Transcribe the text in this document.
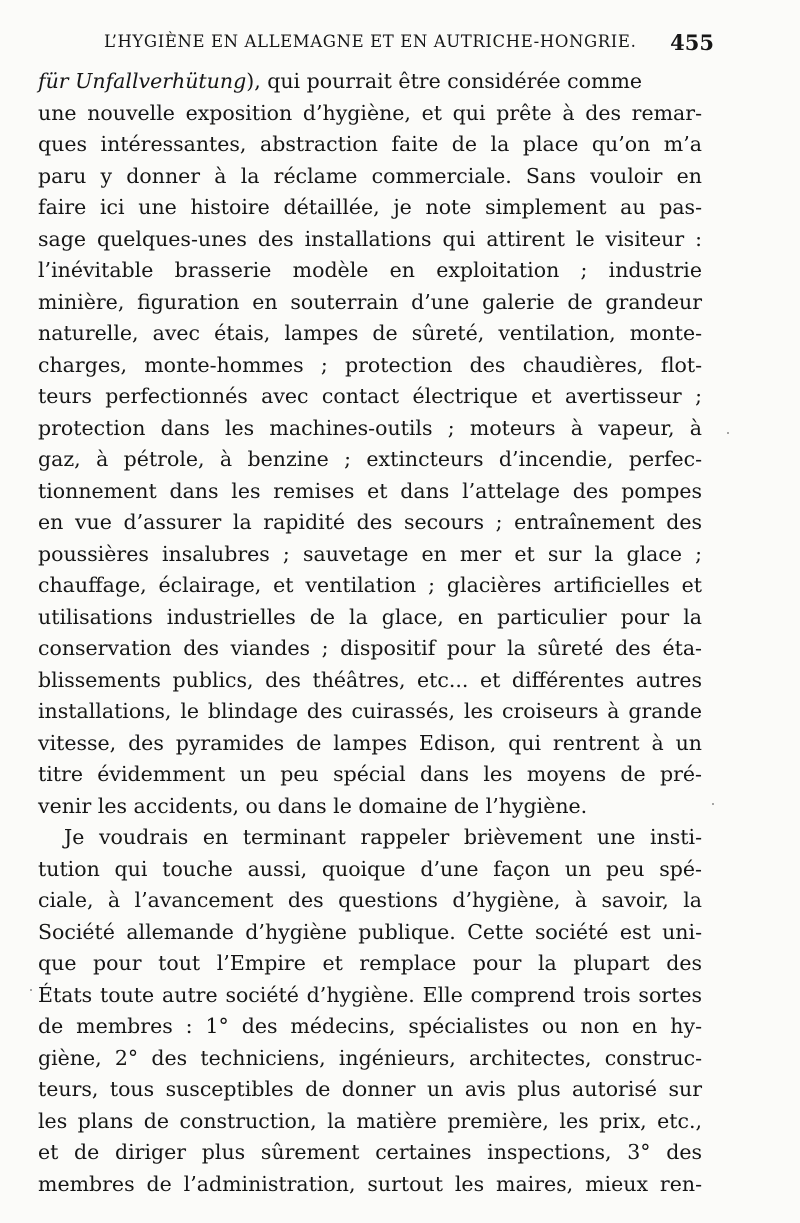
L’HYGIÈNE EN ALLEMAGNE ET EN AUTRICHE-HONGRIE. 455
für Unfallverhütung), qui pourrait être considérée comme
une nouvelle exposition d’hygiène, et qui prête à des remar-
ques intéressantes, abstraction faite de la place qu’on m’a
paru y donner à la réclame commerciale. Sans vouloir en
faire ici une histoire détaillée, je note simplement au pas-
sage quelques-unes des installations qui attirent le visiteur :
l’inévitable brasserie modèle en exploitation ; industrie
minière, figuration en souterrain d’une galerie de grandeur
naturelle, avec étais, lampes de sûreté, ventilation, monte-
charges, monte-hommes ; protection des chaudières, flot-
teurs perfectionnés avec contact électrique et avertisseur ;
protection dans les machines-outils ; moteurs à vapeur, à
gaz, à pétrole, à benzine ; extincteurs d’incendie, perfec-
tionnement dans les remises et dans l’attelage des pompes
en vue d’assurer la rapidité des secours ; entraînement des
poussières insalubres ; sauvetage en mer et sur la glace ;
chauffage, éclairage, et ventilation ; glacières artificielles et
utilisations industrielles de la glace, en particulier pour la
conservation des viandes ; dispositif pour la sûreté des éta-
blissements publics, des théâtres, etc... et différentes autres
installations, le blindage des cuirassés, les croiseurs à grande
vitesse, des pyramides de lampes Edison, qui rentrent à un
titre évidemment un peu spécial dans les moyens de pré-
venir les accidents, ou dans le domaine de l’hygiène.
Je voudrais en terminant rappeler brièvement une insti-
tution qui touche aussi, quoique d’une façon un peu spé-
ciale, à l’avancement des questions d’hygiène, à savoir, la
Société allemande d’hygiène publique. Cette société est uni-
que pour tout l’Empire et remplace pour la plupart des
États toute autre société d’hygiène. Elle comprend trois sortes
de membres : 1° des médecins, spécialistes ou non en hy-
giène, 2° des techniciens, ingénieurs, architectes, construc-
teurs, tous susceptibles de donner un avis plus autorisé sur
les plans de construction, la matière première, les prix, etc.,
et de diriger plus sûrement certaines inspections, 3° des
membres de l’administration, surtout les maires, mieux ren-
